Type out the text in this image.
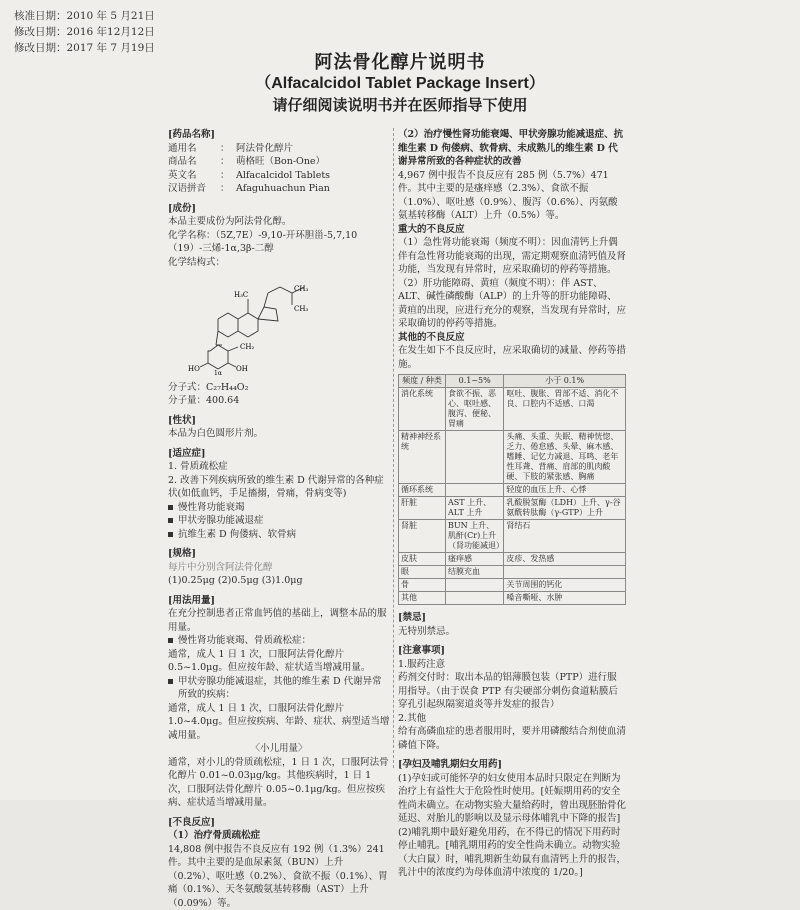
核准日期：2010 年 5 月21日
修改日期：2016 年12月12日
修改日期：2017 年 7 月19日
阿法骨化醇片说明书
（Alfacalcidol Tablet Package Insert）
请仔细阅读说明书并在医师指导下使用
[药品名称]
通用名	： 阿法骨化醇片
商品名	： 萌格旺（Bon-One）
英文名	： Alfacalcidol Tablets
汉语拼音	： Afaguhuachun Pian
[成份]
本品主要成份为阿法骨化醇。
化学名称：（5Z,7E）-9,10-开环胆甾-5,7,10（19）-三烯-1α,3β-二醇
化学结构式：
H₃C
CH₃
CH₃
CH₂
HO	OH
1α
分子式：C₂₇H₄₄O₂
分子量：400.64
[性状]
本品为白色圆形片剂。
[适应症]
1. 骨质疏松症
2. 改善下列疾病所致的维生素 D 代谢异常的各种症状(如低血钙，手足搐搦，骨痛，骨病变等)
慢性肾功能衰竭
甲状旁腺功能减退症
抗维生素 D 佝偻病、软骨病
[规格]
每片中分别含阿法骨化醇
(1)0.25μg (2)0.5μg (3)1.0μg
[用法用量]
在充分控制患者正常血钙值的基础上，调整本品的服用量。
慢性肾功能衰竭、骨质疏松症：
通常，成人 1 日 1 次，口服阿法骨化醇片 0.5~1.0μg。但应按年龄、症状适当增减用量。
甲状旁腺功能减退症，其他的维生素 D 代谢异常所致的疾病：
通常，成人 1 日 1 次，口服阿法骨化醇片 1.0~4.0μg。但应按疾病、年龄、症状、病型适当增减用量。
〈小儿用量〉
通常，对小儿的骨质疏松症，1 日 1 次，口服阿法骨化醇片 0.01~0.03μg/kg。其他疾病时，1 日 1 次，口服阿法骨化醇片 0.05~0.1μg/kg。但应按疾病、症状适当增减用量。
[不良反应]
（1）治疗骨质疏松症
14,808 例中报告不良反应有 192 例（1.3%）241 件。其中主要的是血尿素氮（BUN）上升（0.2%）、呕吐感（0.2%）、食欲不振（0.1%）、胃痛（0.1%）、天冬氨酸氨基转移酶（AST）上升（0.09%）等。
（2）治疗慢性肾功能衰竭、甲状旁腺功能减退症、抗维生素 D 佝偻病、软骨病、未成熟儿的维生素 D 代谢异常所致的各种症状的改善
4,967 例中报告不良反应有 285 例（5.7%）471 件。其中主要的是瘙痒感（2.3%）、食欲不振（1.0%）、呕吐感（0.9%）、腹泻（0.6%）、丙氨酸氨基转移酶（ALT）上升（0.5%）等。
重大的不良反应
（1）急性肾功能衰竭（频度不明）：因血清钙上升偶伴有急性肾功能衰竭的出现，需定期观察血清钙值及肾功能，当发现有异常时，应采取确切的停药等措施。
（2）肝功能障碍、黄疸（频度不明）：伴 AST、ALT、碱性磷酸酶（ALP）的上升等的肝功能障碍、黄疸的出现，应进行充分的观察，当发现有异常时，应采取确切的停药等措施。
其他的不良反应
在发生如下不良反应时，应采取确切的减量、停药等措施。
频度 / 种类	0.1~5%	小于 0.1%
消化系统	食欲不振、恶心、呕吐感、腹泻、便秘、胃痛	呕吐、腹胀、胃部不适、消化不良、口腔内不适感、口渴
精神神经系统		头痛、头重、失眠、精神恍惚、乏力、倦怠感、头晕、麻木感、嗜睡、记忆力减退、耳鸣、老年性耳聋、背痛、肩部的肌肉酸硬、下肢的紧张感、胸痛
循环系统		轻度的血压上升、心悸
肝脏	AST 上升、ALT 上升	乳酸脱氢酶（LDH）上升、γ-谷氨酰转肽酶（γ-GTP）上升
肾脏	BUN 上升、肌酐(Cr)上升（肾功能减退）	肾结石
皮肤	瘙痒感	皮疹、发热感
眼	结膜充血	
骨		关节周围的钙化
其他		嗓音嘶哑、水肿
[禁忌]
无特别禁忌。
[注意事项]
1.服药注意
药剂交付时：取出本品的铝薄膜包装（PTP）进行服用指导。（由于误食 PTP 有尖硬部分刺伤食道粘膜后穿孔引起纵隔窦道炎等并发症的报告）
2.其他
给有高磷血症的患者服用时，要并用磷酸结合剂使血清磷值下降。
[孕妇及哺乳期妇女用药]
(1)孕妇或可能怀孕的妇女使用本品时只限定在判断为治疗上有益性大于危险性时使用。[妊娠期用药的安全性尚未确立。在动物实验大量给药时，曾出现胚胎骨化延迟、对胎儿的影响以及显示母体哺乳中下降的报告]
(2)哺乳期中最好避免用药，在不得已的情况下用药时停止哺乳。[哺乳期用药的安全性尚未确立。动物实验（大白鼠）时，哺乳期新生幼鼠有血清钙上升的报告，乳汁中的浓度约为母体血清中浓度的 1/20。]
